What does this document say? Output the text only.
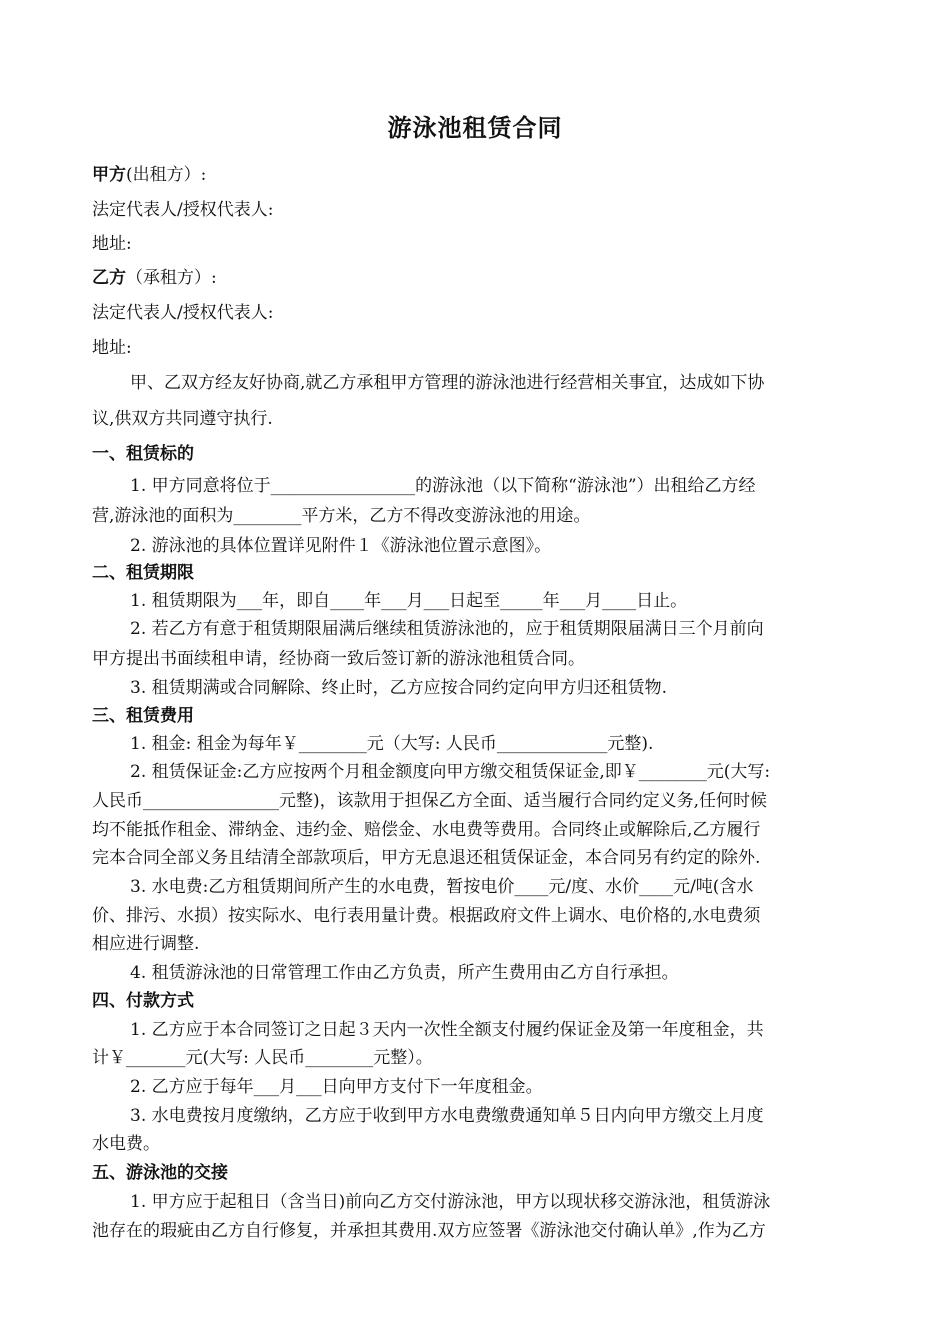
游泳池租赁合同
甲方(出租方）:
法定代表人/授权代表人:
地址:
乙方（承租方）:
法定代表人/授权代表人:
地址:
甲、乙双方经友好协商,就乙方承租甲方管理的游泳池进行经营相关事宜，达成如下协
议,供双方共同遵守执行.
一、租赁标的
1. 甲方同意将位于_________________的游泳池（以下简称“游泳池”）出租给乙方经
营,游泳池的面积为________平方米，乙方不得改变游泳池的用途。
2. 游泳池的具体位置详见附件１《游泳池位置示意图》。
二、租赁期限
1. 租赁期限为___年，即自____年___月___日起至_____年___月____日止。
2. 若乙方有意于租赁期限届满后继续租赁游泳池的，应于租赁期限届满日三个月前向
甲方提出书面续租申请，经协商一致后签订新的游泳池租赁合同。
3. 租赁期满或合同解除、终止时，乙方应按合同约定向甲方归还租赁物.
三、租赁费用
1. 租金: 租金为每年￥________元（大写: 人民币_____________元整).
2. 租赁保证金:乙方应按两个月租金额度向甲方缴交租赁保证金,即￥________元(大写:
人民币________________元整)，该款用于担保乙方全面、适当履行合同约定义务,任何时候
均不能抵作租金、滞纳金、违约金、赔偿金、水电费等费用。合同终止或解除后,乙方履行
完本合同全部义务且结清全部款项后，甲方无息退还租赁保证金，本合同另有约定的除外.
3. 水电费:乙方租赁期间所产生的水电费，暂按电价____元/度、水价____元/吨(含水
价、排污、水损）按实际水、电行表用量计费。根据政府文件上调水、电价格的,水电费须
相应进行调整.
4. 租赁游泳池的日常管理工作由乙方负责，所产生费用由乙方自行承担。
四、付款方式
1. 乙方应于本合同签订之日起３天内一次性全额支付履约保证金及第一年度租金，共
计￥_______元(大写: 人民币________元整）。
2. 乙方应于每年___月___日向甲方支付下一年度租金。
3. 水电费按月度缴纳，乙方应于收到甲方水电费缴费通知单５日内向甲方缴交上月度
水电费。
五、游泳池的交接
1. 甲方应于起租日（含当日)前向乙方交付游泳池，甲方以现状移交游泳池，租赁游泳
池存在的瑕疵由乙方自行修复，并承担其费用.双方应签署《游泳池交付确认单》,作为乙方
